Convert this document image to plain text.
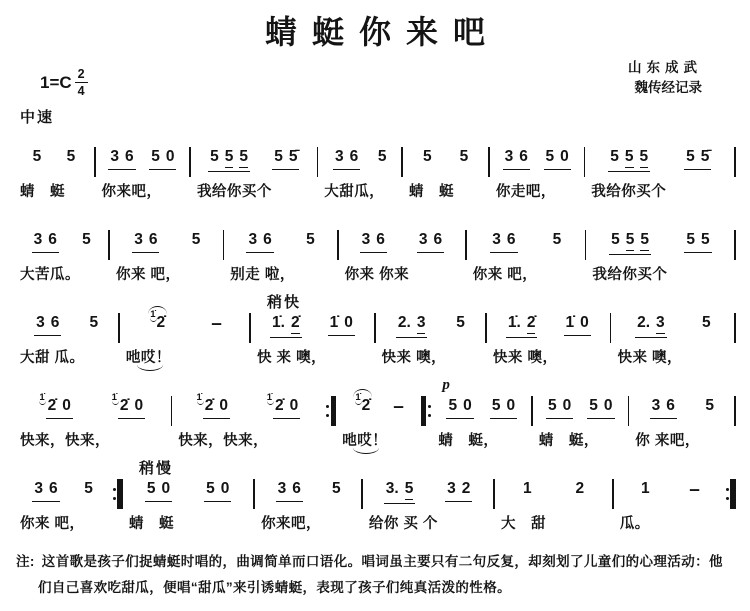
蜻蜓你来吧
$1=C \frac{2}{4}$
山东成武
魏传经记录
中速
5 5
蜻　蜓
3 6 5 0
你来吧，
5 5 5 5 5̄
我给你买个
3 6 5
大甜瓜，
5 5
蜻　蜓
3 6 5 0
你走吧，
5 5 5 5 5̄
我给你买个
3 6 5
大苦瓜。
3 6 5
你来 吧，
3 6 5
别走 啦，
3 6 3 6
你来 你来
3 6 5
你来 吧，
5 5 5 5 5
我给你买个
3 6 5
大甜 瓜。
1̇ 2̇	-
吔哎！
稍快
1̇. 2̇ 1̇ 0
快 来 噢，
2. 3 5
快来 噢，
1̇. 2̇ 1̇ 0
快来 噢，
2. 3 5
快来 噢，
1̇ 2̇ 0	1̇ 2̇ 0
快来，快来，
1̇ 2̇ 0	1̇ 2̇ 0
快来，快来，
1̇ 2̇ -
吔哎！
p
5 0 5 0
蜻　蜓，
5 0 5 0
蜻　蜓，
3 6 5
你 来吧，
3 6 5
你来 吧，
稍慢
5 0 5 0
蜻　蜓
3 6 5
你来吧，
3. 5 3 2
给你 买 个
1	2
大　甜
1 -
瓜。

注: 这首歌是孩子们捉蜻蜓时唱的，曲调简单而口语化。唱词虽主要只有二句反复，却刻划了儿童们的心理活动：他们自己喜欢吃甜瓜，便唱“甜瓜”来引诱蜻蜓，表现了孩子们纯真活泼的性格。
